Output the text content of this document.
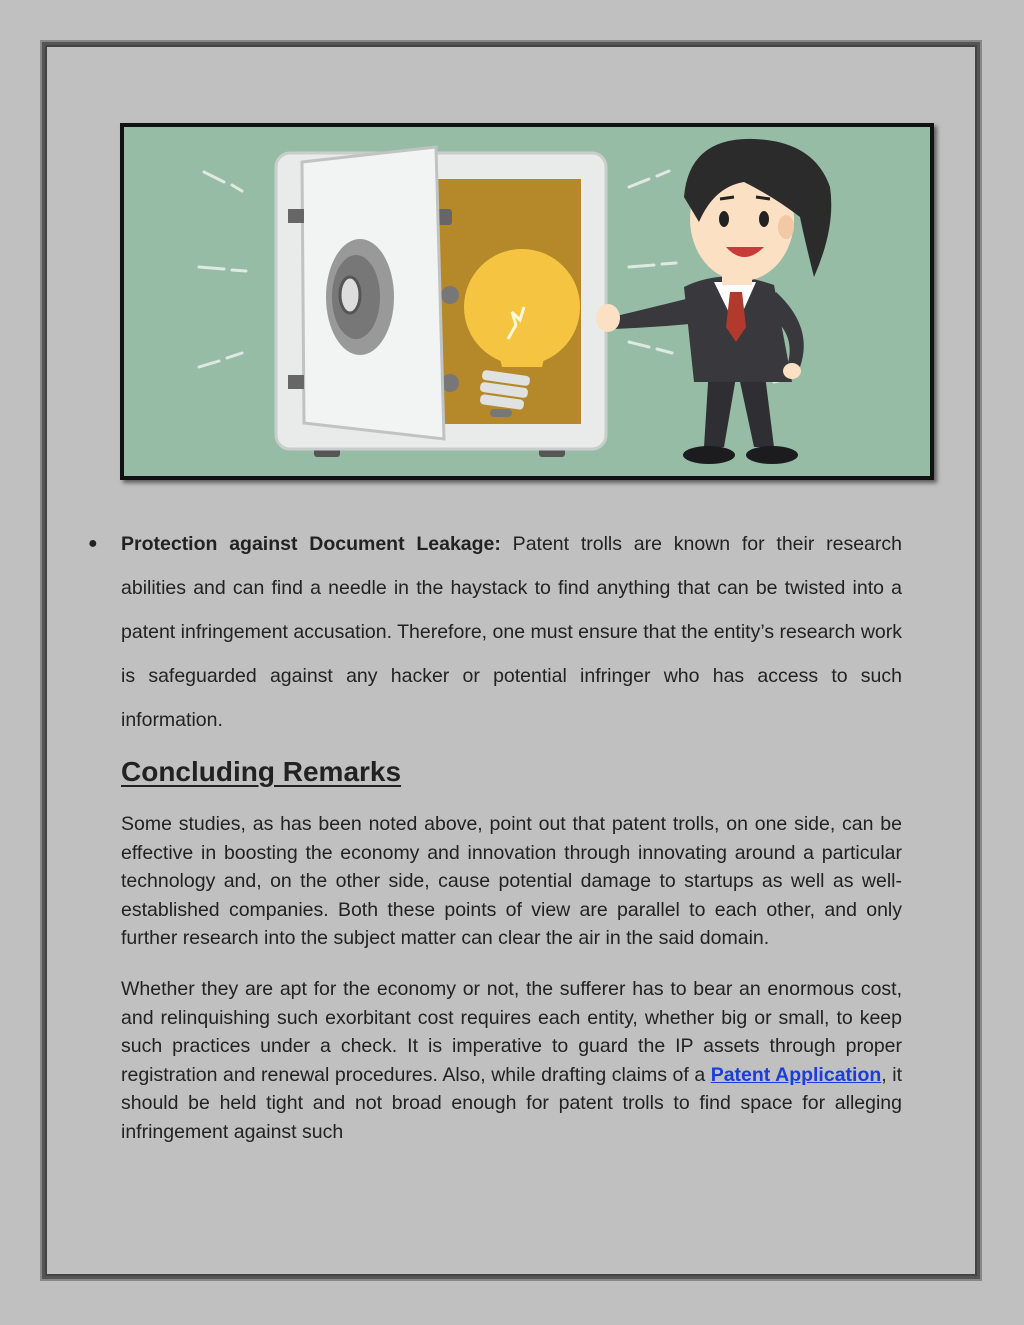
● Protection against Document Leakage: Patent trolls are known for their research abilities and can find a needle in the haystack to find anything that can be twisted into a patent infringement accusation. Therefore, one must ensure that the entity’s research work is safeguarded against any hacker or potential infringer who has access to such information.
Concluding Remarks

Some studies, as has been noted above, point out that patent trolls, on one side, can be effective in boosting the economy and innovation through innovating around a particular technology and, on the other side, cause potential damage to startups as well as well-established companies. Both these points of view are parallel to each other, and only further research into the subject matter can clear the air in the said domain.

Whether they are apt for the economy or not, the sufferer has to bear an enormous cost, and relinquishing such exorbitant cost requires each entity, whether big or small, to keep such practices under a check. It is imperative to guard the IP assets through proper registration and renewal procedures. Also, while drafting claims of a Patent Application, it should be held tight and not broad enough for patent trolls to find space for alleging infringement against such
